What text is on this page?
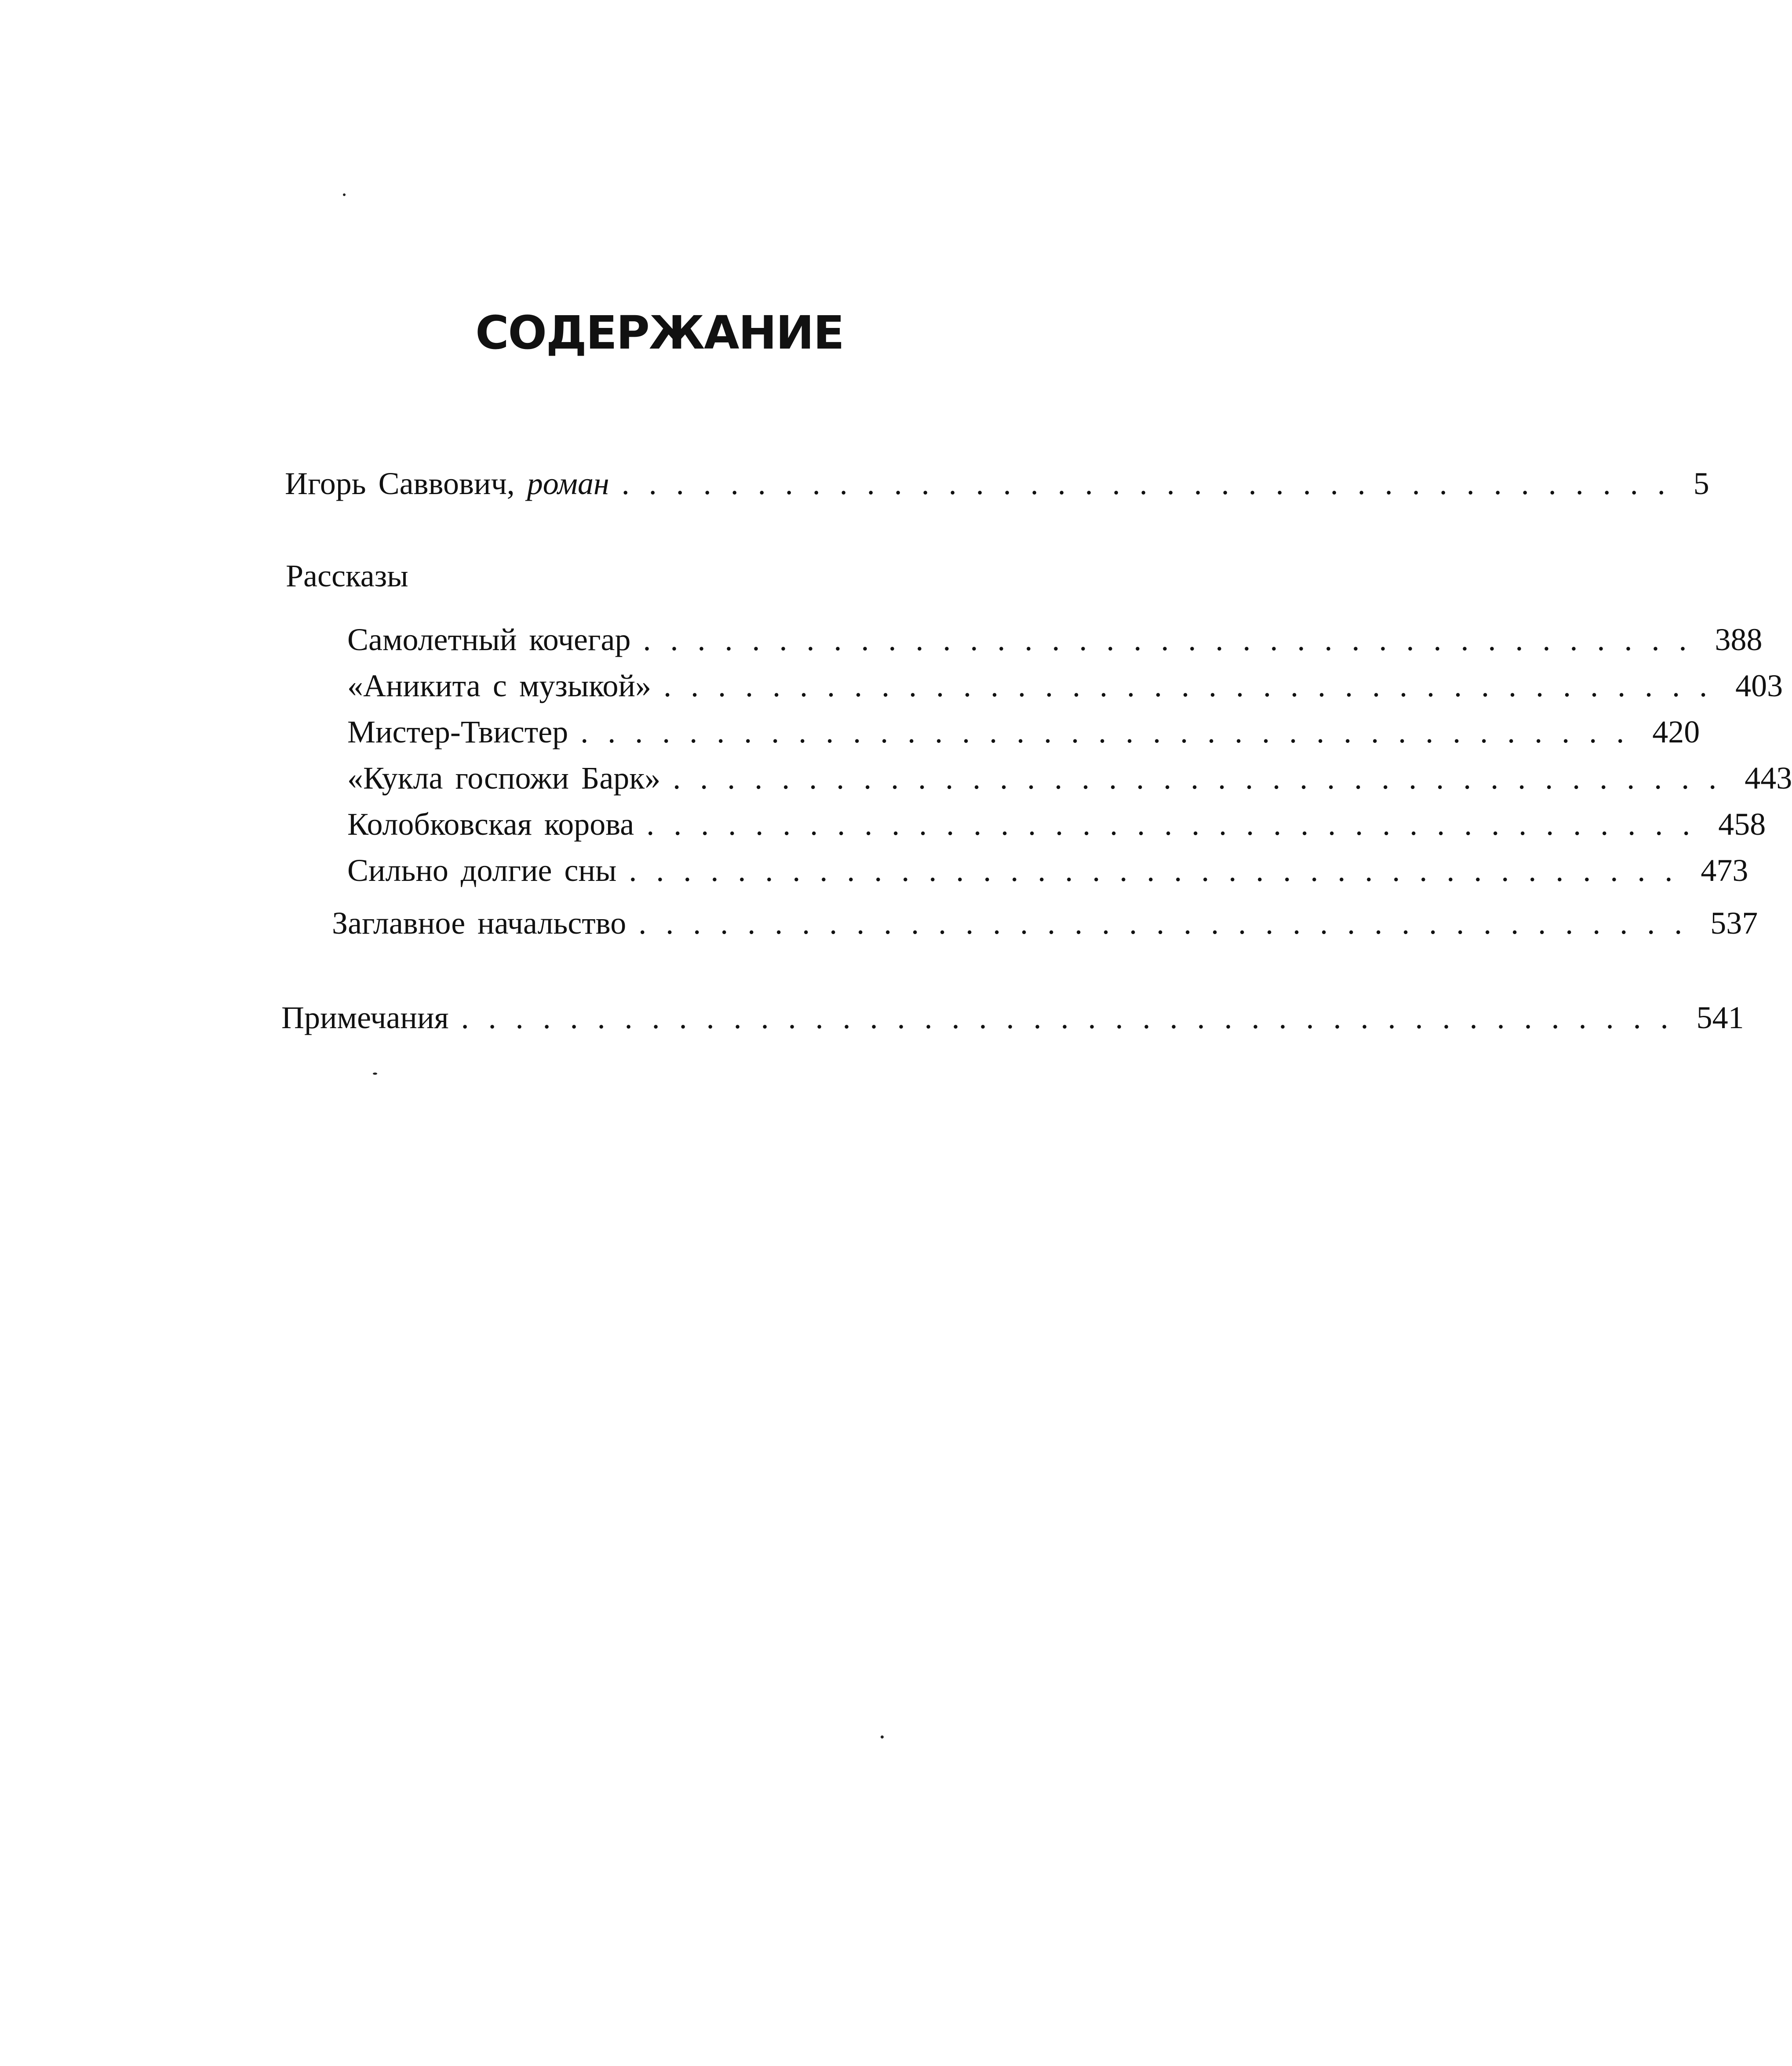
СОДЕРЖАНИЕ
Игорь Саввович, роман ....................................... 5
Рассказы
Самолетный кочегар ....................................... 388
«Аникита с музыкой» ....................................... 403
Мистер-Твистер ....................................... 420
«Кукла госпожи Барк» ....................................... 443
Колобковская корова ....................................... 458
Сильно долгие сны ....................................... 473
Заглавное начальство ....................................... 537
Примечания ............................................. 541
